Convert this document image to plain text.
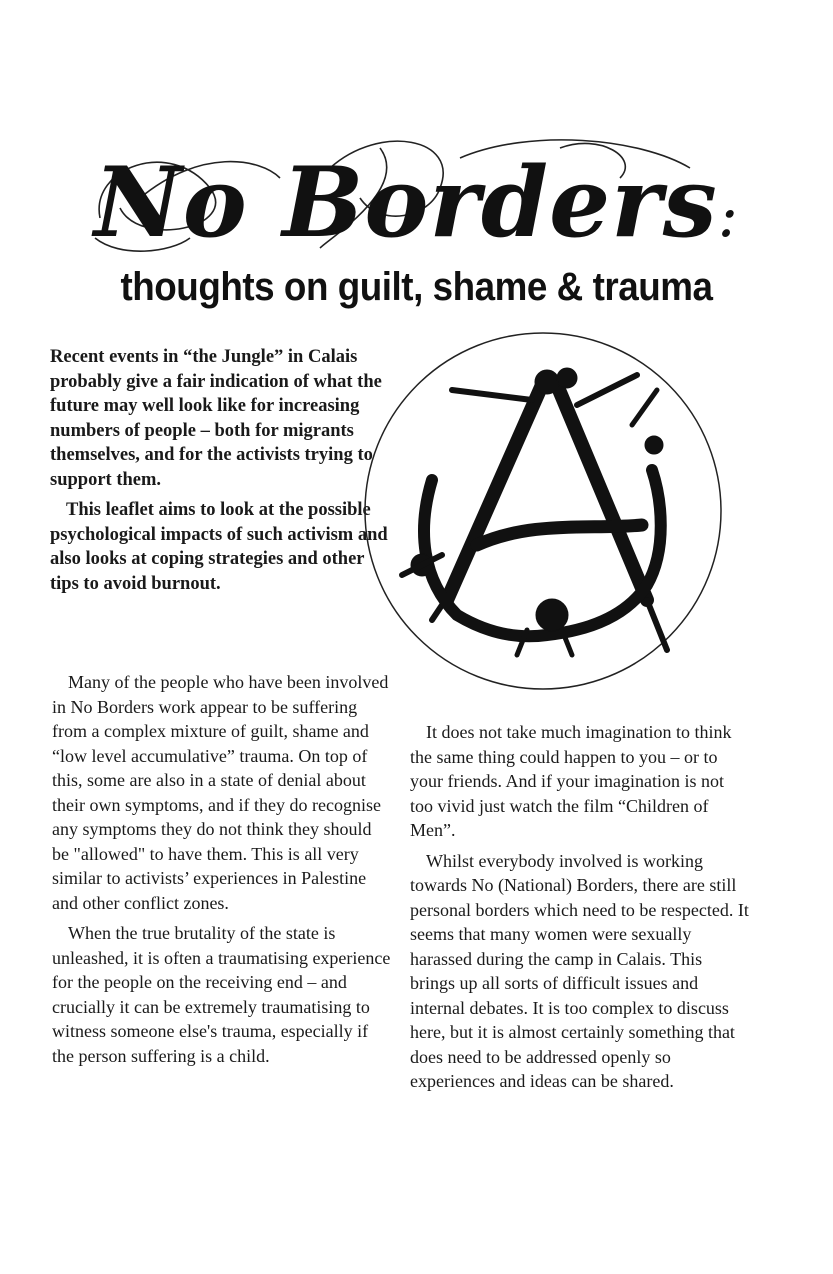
No Borders:
thoughts on guilt, shame & trauma

Recent events in “the Jungle” in Calais probably give a fair indication of what the future may well look like for increasing numbers of people – both for migrants themselves, and for the activists trying to support them.

This leaflet aims to look at the possible psychological impacts of such activism and also looks at coping strategies and other tips to avoid burnout.

Many of the people who have been involved in No Borders work appear to be suffering from a complex mixture of guilt, shame and “low level accumulative” trauma. On top of this, some are also in a state of denial about their own symptoms, and if they do recognise any symptoms they do not think they should be "allowed" to have them. This is all very similar to activists’ experiences in Palestine and other conflict zones.

When the true brutality of the state is unleashed, it is often a traumatising experience for the people on the receiving end – and crucially it can be extremely traumatising to witness someone else's trauma, especially if the person suffering is a child.

It does not take much imagination to think the same thing could happen to you – or to your friends. And if your imagination is not too vivid just watch the film “Children of Men”.

Whilst everybody involved is working towards No (National) Borders, there are still personal borders which need to be respected. It seems that many women were sexually harassed during the camp in Calais. This brings up all sorts of difficult issues and internal debates. It is too complex to discuss here, but it is almost certainly something that does need to be addressed openly so experiences and ideas can be shared.
